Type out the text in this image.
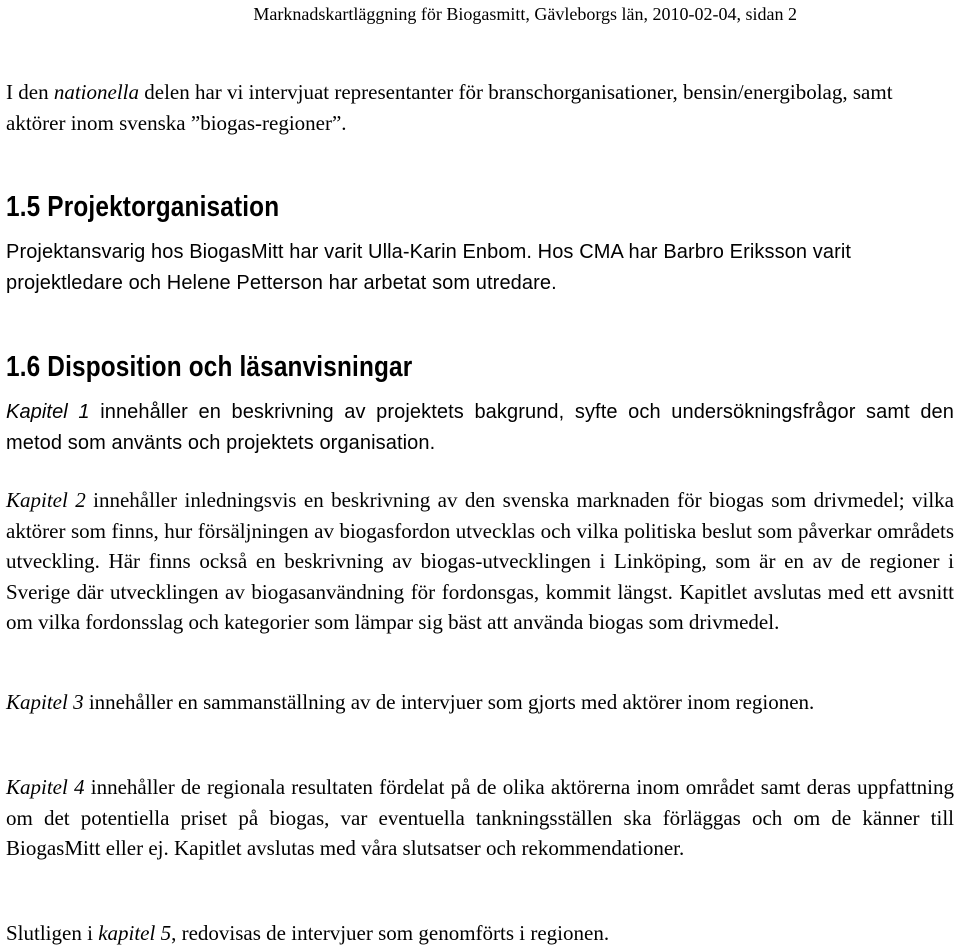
Marknadskartläggning för Biogasmitt, Gävleborgs län, 2010-02-04, sidan 2

I den nationella delen har vi intervjuat representanter för branschorganisationer, bensin/energibolag, samt aktörer inom svenska ”biogas-regioner”.

1.5 Projektorganisation

Projektansvarig hos BiogasMitt har varit Ulla-Karin Enbom. Hos CMA har Barbro Eriksson varit projektledare och Helene Petterson har arbetat som utredare.

1.6 Disposition och läsanvisningar

Kapitel 1 innehåller en beskrivning av projektets bakgrund, syfte och undersökningsfrågor samt den metod som använts och projektets organisation.

Kapitel 2 innehåller inledningsvis en beskrivning av den svenska marknaden för biogas som drivmedel; vilka aktörer som finns, hur försäljningen av biogasfordon utvecklas och vilka politiska beslut som påverkar områdets utveckling. Här finns också en beskrivning av biogas-utvecklingen i Linköping, som är en av de regioner i Sverige där utvecklingen av biogasanvändning för fordonsgas, kommit längst. Kapitlet avslutas med ett avsnitt om vilka fordonsslag och kategorier som lämpar sig bäst att använda biogas som drivmedel.

Kapitel 3 innehåller en sammanställning av de intervjuer som gjorts med aktörer inom regionen.

Kapitel 4 innehåller de regionala resultaten fördelat på de olika aktörerna inom området samt deras uppfattning om det potentiella priset på biogas, var eventuella tankningsställen ska förläggas och om de känner till BiogasMitt eller ej. Kapitlet avslutas med våra slutsatser och rekommendationer.

Slutligen i kapitel 5, redovisas de intervjuer som genomförts i regionen.
